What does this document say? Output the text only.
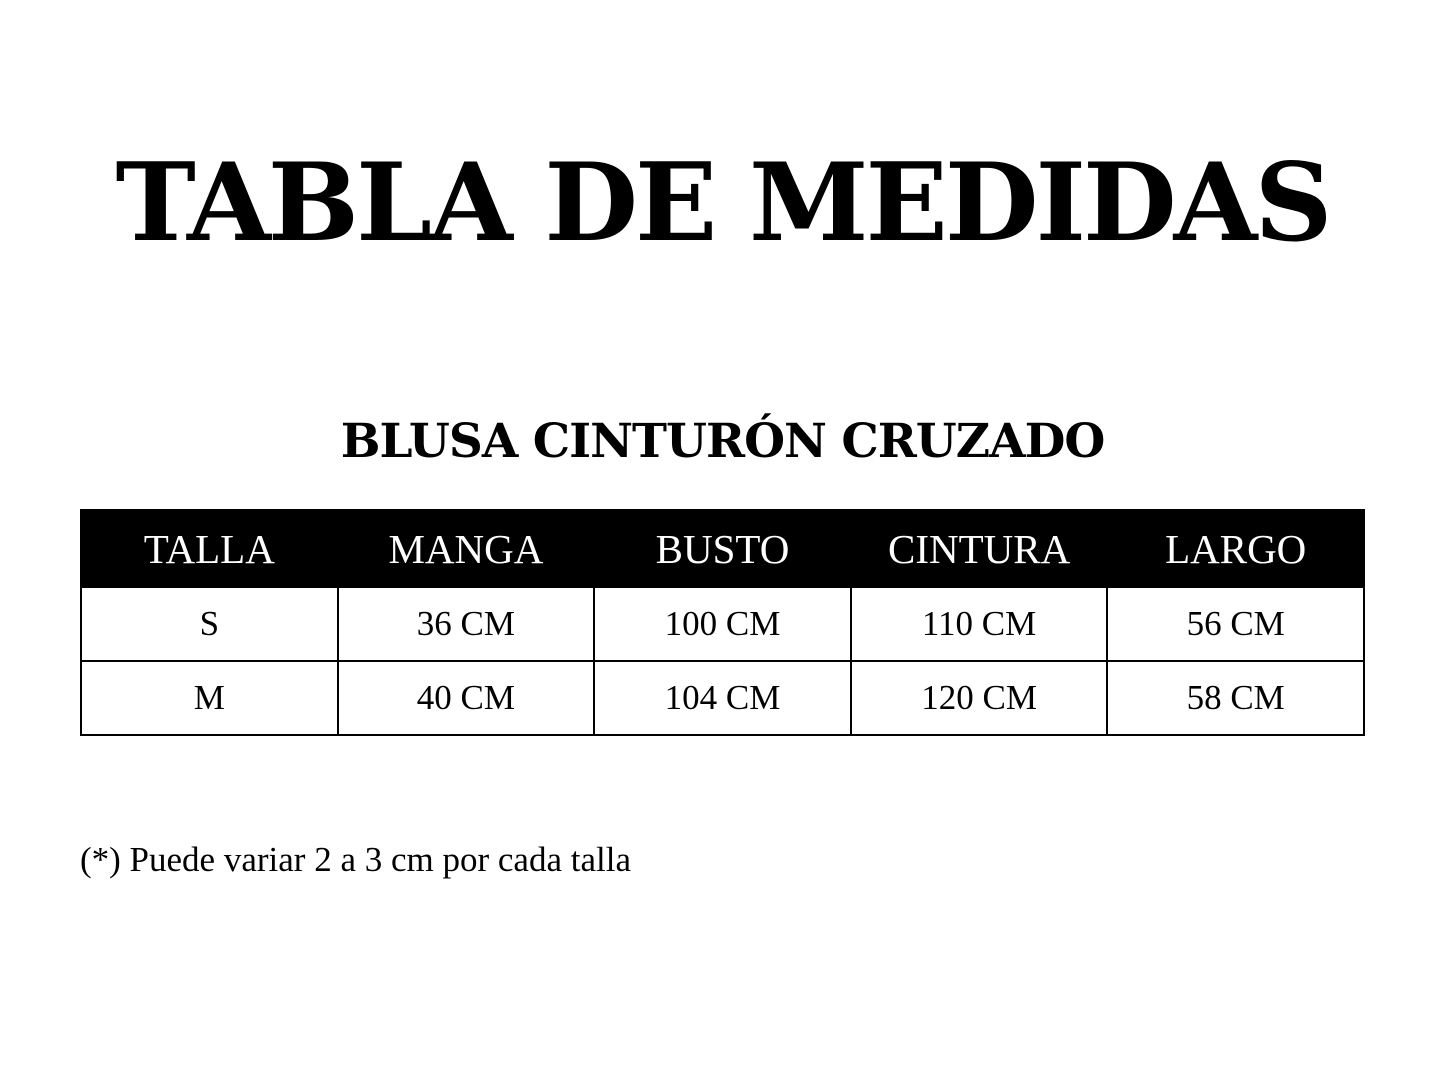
TABLA DE MEDIDAS
BLUSA CINTURÓN CRUZADO
TALLA	MANGA	BUSTO	CINTURA	LARGO
S	36 CM	100 CM	110 CM	56 CM
M	40 CM	104 CM	120 CM	58 CM

(*) Puede variar 2 a 3 cm por cada talla
